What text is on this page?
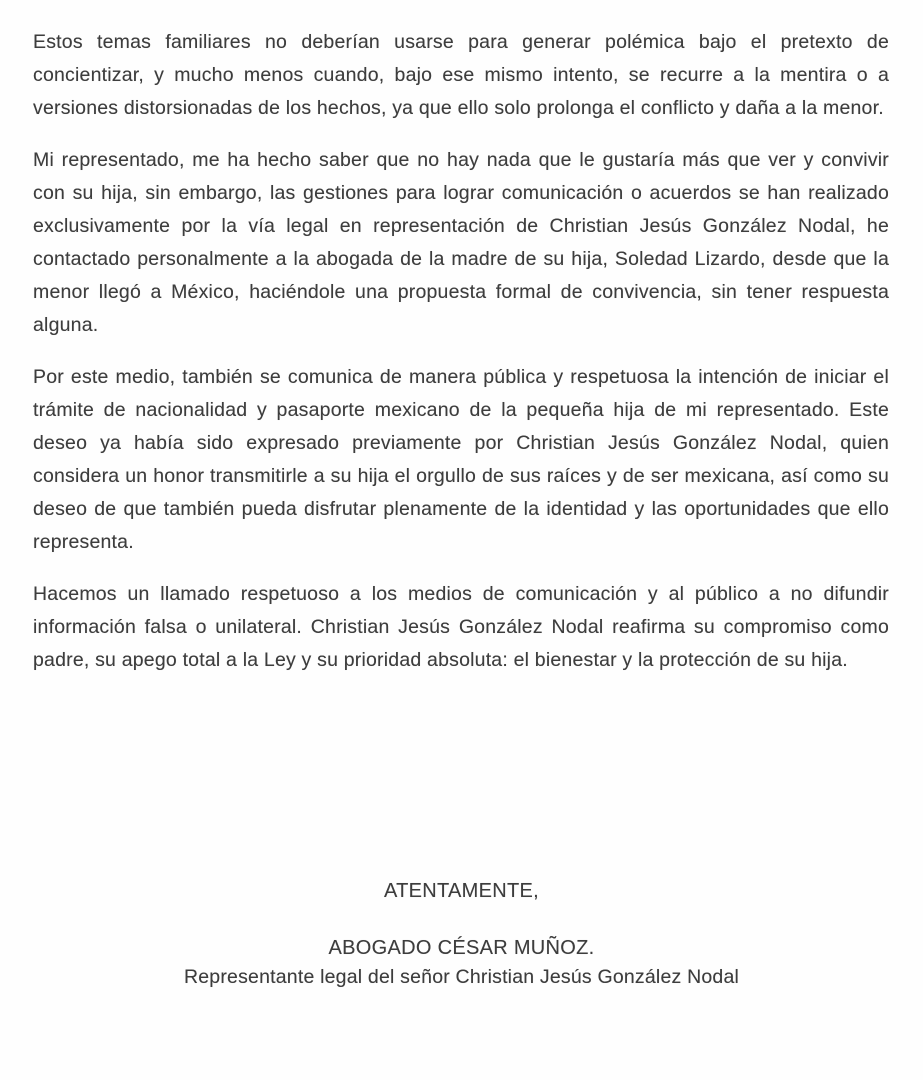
Estos temas familiares no deberían usarse para generar polémica bajo el pretexto de concientizar, y mucho menos cuando, bajo ese mismo intento, se recurre a la mentira o a versiones distorsionadas de los hechos, ya que ello solo prolonga el conflicto y daña a la menor.

Mi representado, me ha hecho saber que no hay nada que le gustaría más que ver y convivir con su hija, sin embargo, las gestiones para lograr comunicación o acuerdos se han realizado exclusivamente por la vía legal en representación de Christian Jesús González Nodal, he contactado personalmente a la abogada de la madre de su hija, Soledad Lizardo, desde que la menor llegó a México, haciéndole una propuesta formal de convivencia, sin tener respuesta alguna.

Por este medio, también se comunica de manera pública y respetuosa la intención de iniciar el trámite de nacionalidad y pasaporte mexicano de la pequeña hija de mi representado. Este deseo ya había sido expresado previamente por Christian Jesús González Nodal, quien considera un honor transmitirle a su hija el orgullo de sus raíces y de ser mexicana, así como su deseo de que también pueda disfrutar plenamente de la identidad y las oportunidades que ello representa.

Hacemos un llamado respetuoso a los medios de comunicación y al público a no difundir información falsa o unilateral. Christian Jesús González Nodal reafirma su compromiso como padre, su apego total a la Ley y su prioridad absoluta: el bienestar y la protección de su hija.

ATENTAMENTE,
ABOGADO CÉSAR MUÑOZ.
Representante legal del señor Christian Jesús González Nodal
